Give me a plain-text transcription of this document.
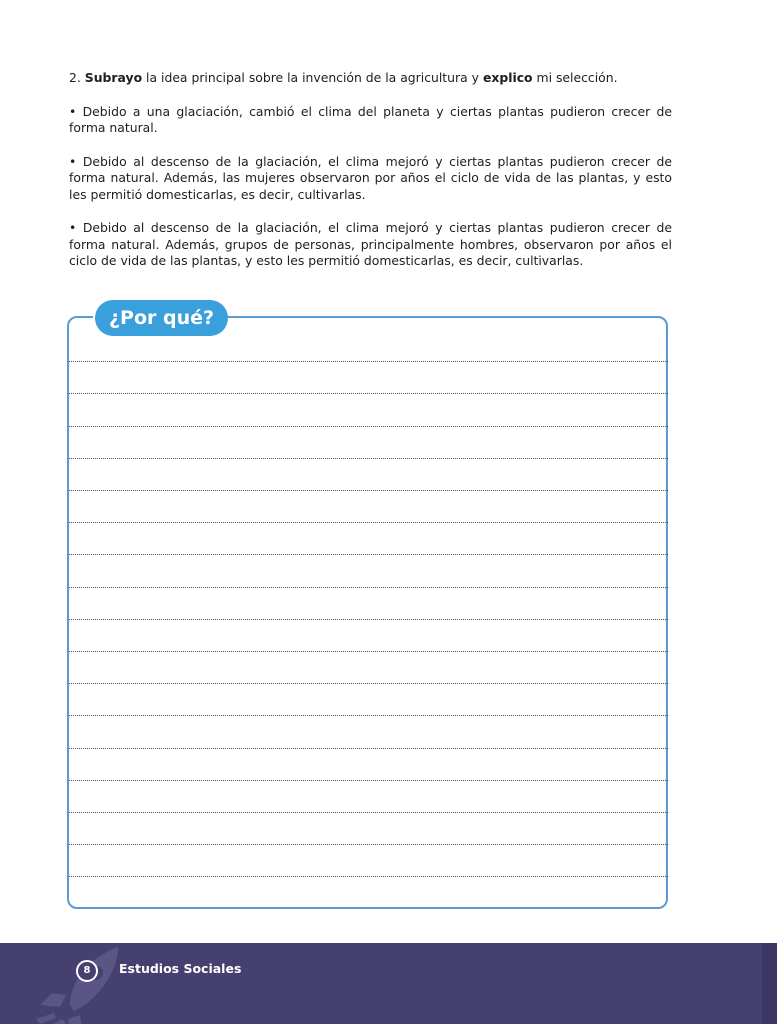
2. Subrayo la idea principal sobre la invención de la agricultura y explico mi selección.

• Debido a una glaciación, cambió el clima del planeta y ciertas plantas pudieron crecer de forma natural.

• Debido al descenso de la glaciación, el clima mejoró y ciertas plantas pudieron crecer de forma natural. Además, las mujeres observaron por años el ciclo de vida de las plantas, y esto les permitió domesticarlas, es decir, cultivarlas.

• Debido al descenso de la glaciación, el clima mejoró y ciertas plantas pudieron crecer de forma natural. Además, grupos de personas, principalmente hombres, observaron por años el ciclo de vida de las plantas, y esto les permitió domesticarlas, es decir, cultivarlas.

¿Por qué?
8	Estudios Sociales
